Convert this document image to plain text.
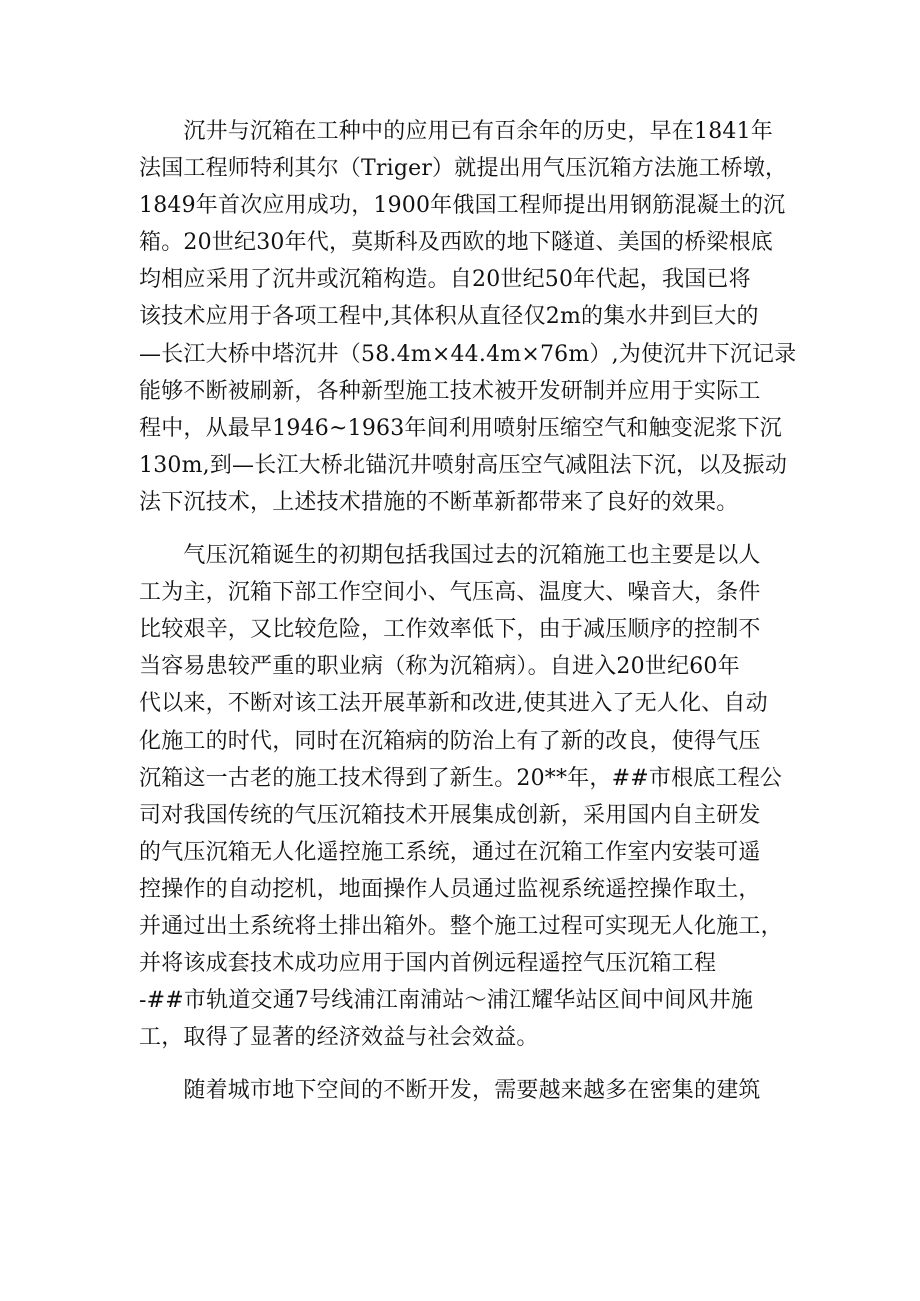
　　沉井与沉箱在工种中的应用已有百余年的历史，早在1841年
法国工程师特利其尔（Triger）就提出用气压沉箱方法施工桥墩，
1849年首次应用成功，1900年俄国工程师提出用钢筋混凝土的沉
箱。20世纪30年代，莫斯科及西欧的地下隧道、美国的桥梁根底
均相应采用了沉井或沉箱构造。自20世纪50年代起，我国已将
该技术应用于各项工程中,其体积从直径仅2m的集水井到巨大的
—长江大桥中塔沉井（58.4m×44.4m×76m）,为使沉井下沉记录
能够不断被刷新，各种新型施工技术被开发研制并应用于实际工
程中，从最早1946~1963年间利用喷射压缩空气和触变泥浆下沉
130m,到—长江大桥北锚沉井喷射高压空气减阻法下沉，以及振动
法下沉技术，上述技术措施的不断革新都带来了良好的效果。
　　气压沉箱诞生的初期包括我国过去的沉箱施工也主要是以人
工为主，沉箱下部工作空间小、气压高、温度大、噪音大，条件
比较艰辛，又比较危险，工作效率低下，由于减压顺序的控制不
当容易患较严重的职业病（称为沉箱病）。自进入20世纪60年
代以来，不断对该工法开展革新和改进,使其进入了无人化、自动
化施工的时代，同时在沉箱病的防治上有了新的改良，使得气压
沉箱这一古老的施工技术得到了新生。20**年，##市根底工程公
司对我国传统的气压沉箱技术开展集成创新，采用国内自主研发
的气压沉箱无人化遥控施工系统，通过在沉箱工作室内安装可遥
控操作的自动挖机，地面操作人员通过监视系统遥控操作取土，
并通过出土系统将土排出箱外。整个施工过程可实现无人化施工，
并将该成套技术成功应用于国内首例远程遥控气压沉箱工程
-##市轨道交通7号线浦江南浦站～浦江耀华站区间中间风井施
工，取得了显著的经济效益与社会效益。
　　随着城市地下空间的不断开发，需要越来越多在密集的建筑
